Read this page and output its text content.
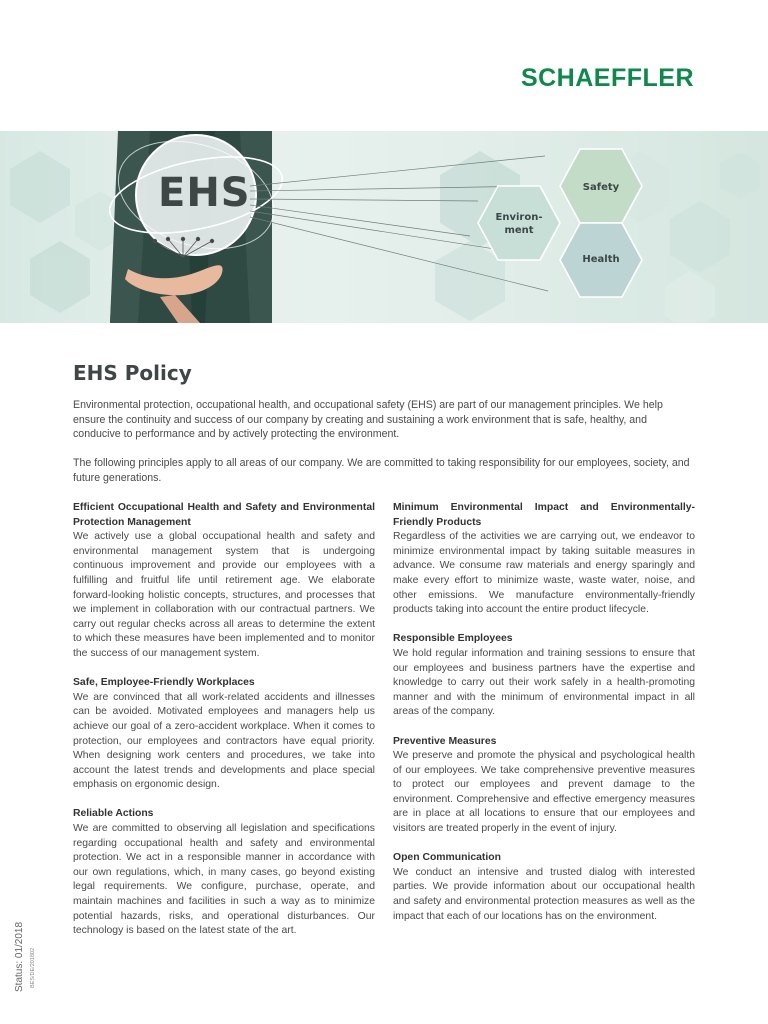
SCHAEFFLER
EHS	Safety
Environ-
ment
Health
EHS Policy

Environmental protection, occupational health, and occupational safety (EHS) are part of our management principles. We help ensure the continuity and success of our company by creating and sustaining a work environment that is safe, healthy, and conducive to performance and by actively protecting the environment.

The following principles apply to all areas of our company. We are committed to taking responsibility for our employees, society, and future generations.

Efficient Occupational Health and Safety and Environmental Protection Management

We actively use a global occupational health and safety and environmental management system that is undergoing continuous improvement and provide our employees with a fulfilling and fruitful life until retirement age. We elaborate forward-looking holistic concepts, structures, and processes that we implement in collaboration with our contractual partners. We carry out regular checks across all areas to determine the extent to which these measures have been implemented and to monitor the success of our management system.

Safe, Employee-Friendly Workplaces

We are convinced that all work-related accidents and illnesses can be avoided. Motivated employees and managers help us achieve our goal of a zero-accident workplace. When it comes to protection, our employees and contractors have equal priority. When designing work centers and procedures, we take into account the latest trends and developments and place special emphasis on ergonomic design.

Reliable Actions

We are committed to observing all legislation and specifications regarding occupational health and safety and environmental protection. We act in a responsible manner in accordance with our own regulations, which, in many cases, go beyond existing legal requirements. We configure, purchase, operate, and maintain machines and facilities in such a way as to minimize potential hazards, risks, and operational disturbances. Our technology is based on the latest state of the art.

Minimum Environmental Impact and Environmentally-Friendly Products

Regardless of the activities we are carrying out, we endeavor to minimize environmental impact by taking suitable measures in advance. We consume raw materials and energy sparingly and make every effort to minimize waste, waste water, noise, and other emissions. We manufacture environmentally-friendly products taking into account the entire product lifecycle.

Responsible Employees

We hold regular information and training sessions to ensure that our employees and business partners have the expertise and knowledge to carry out their work safely in a health-promoting manner and with the minimum of environmental impact in all areas of the company.

Preventive Measures

We preserve and promote the physical and psychological health of our employees. We take comprehensive preventive measures to protect our employees and prevent damage to the environment. Comprehensive and effective emergency measures are in place at all locations to ensure that our employees and visitors are treated properly in the event of injury.

Open Communication

We conduct an intensive and trusted dialog with interested parties. We provide information about our occupational health and safety and environmental protection measures as well as the impact that each of our locations has on the environment.

Status: 01/2018 BES/DE/201802
